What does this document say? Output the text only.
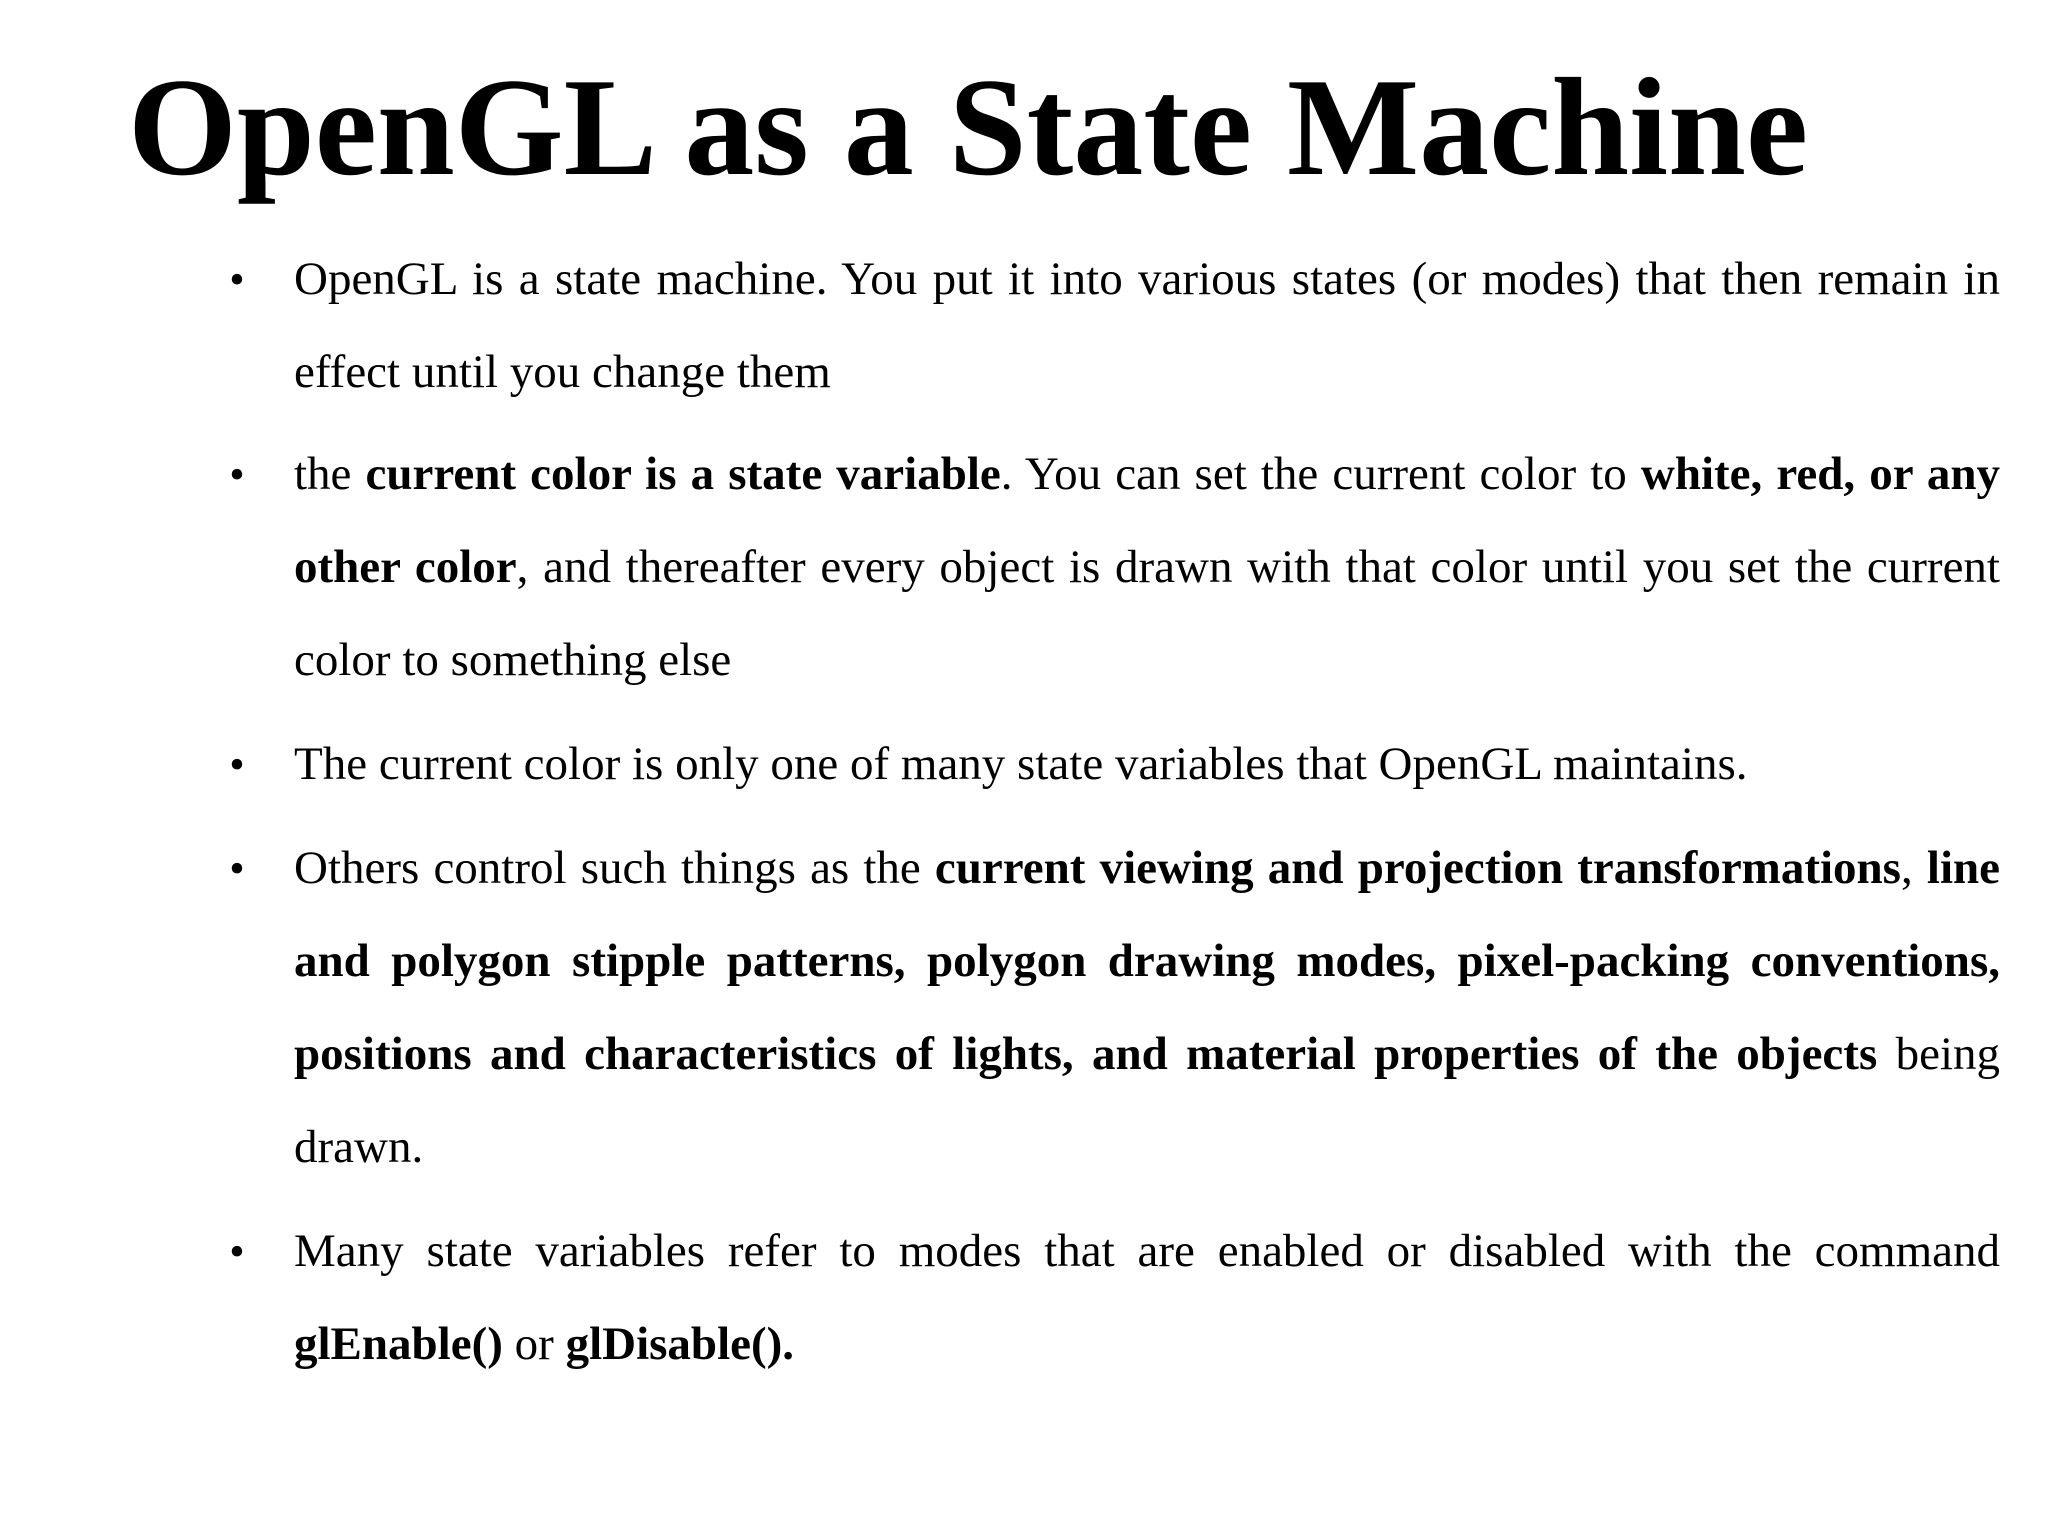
OpenGL as a State Machine
• OpenGL is a state machine. You put it into various states (or modes) that then remain in effect until you change them
• the current color is a state variable. You can set the current color to white, red, or any other color, and thereafter every object is drawn with that color until you set the current color to something else
• The current color is only one of many state variables that OpenGL maintains.
• Others control such things as the current viewing and projection transformations, line and polygon stipple patterns, polygon drawing modes, pixel-packing conventions, positions and characteristics of lights, and material properties of the objects being drawn.
• Many state variables refer to modes that are enabled or disabled with the command glEnable() or glDisable().
